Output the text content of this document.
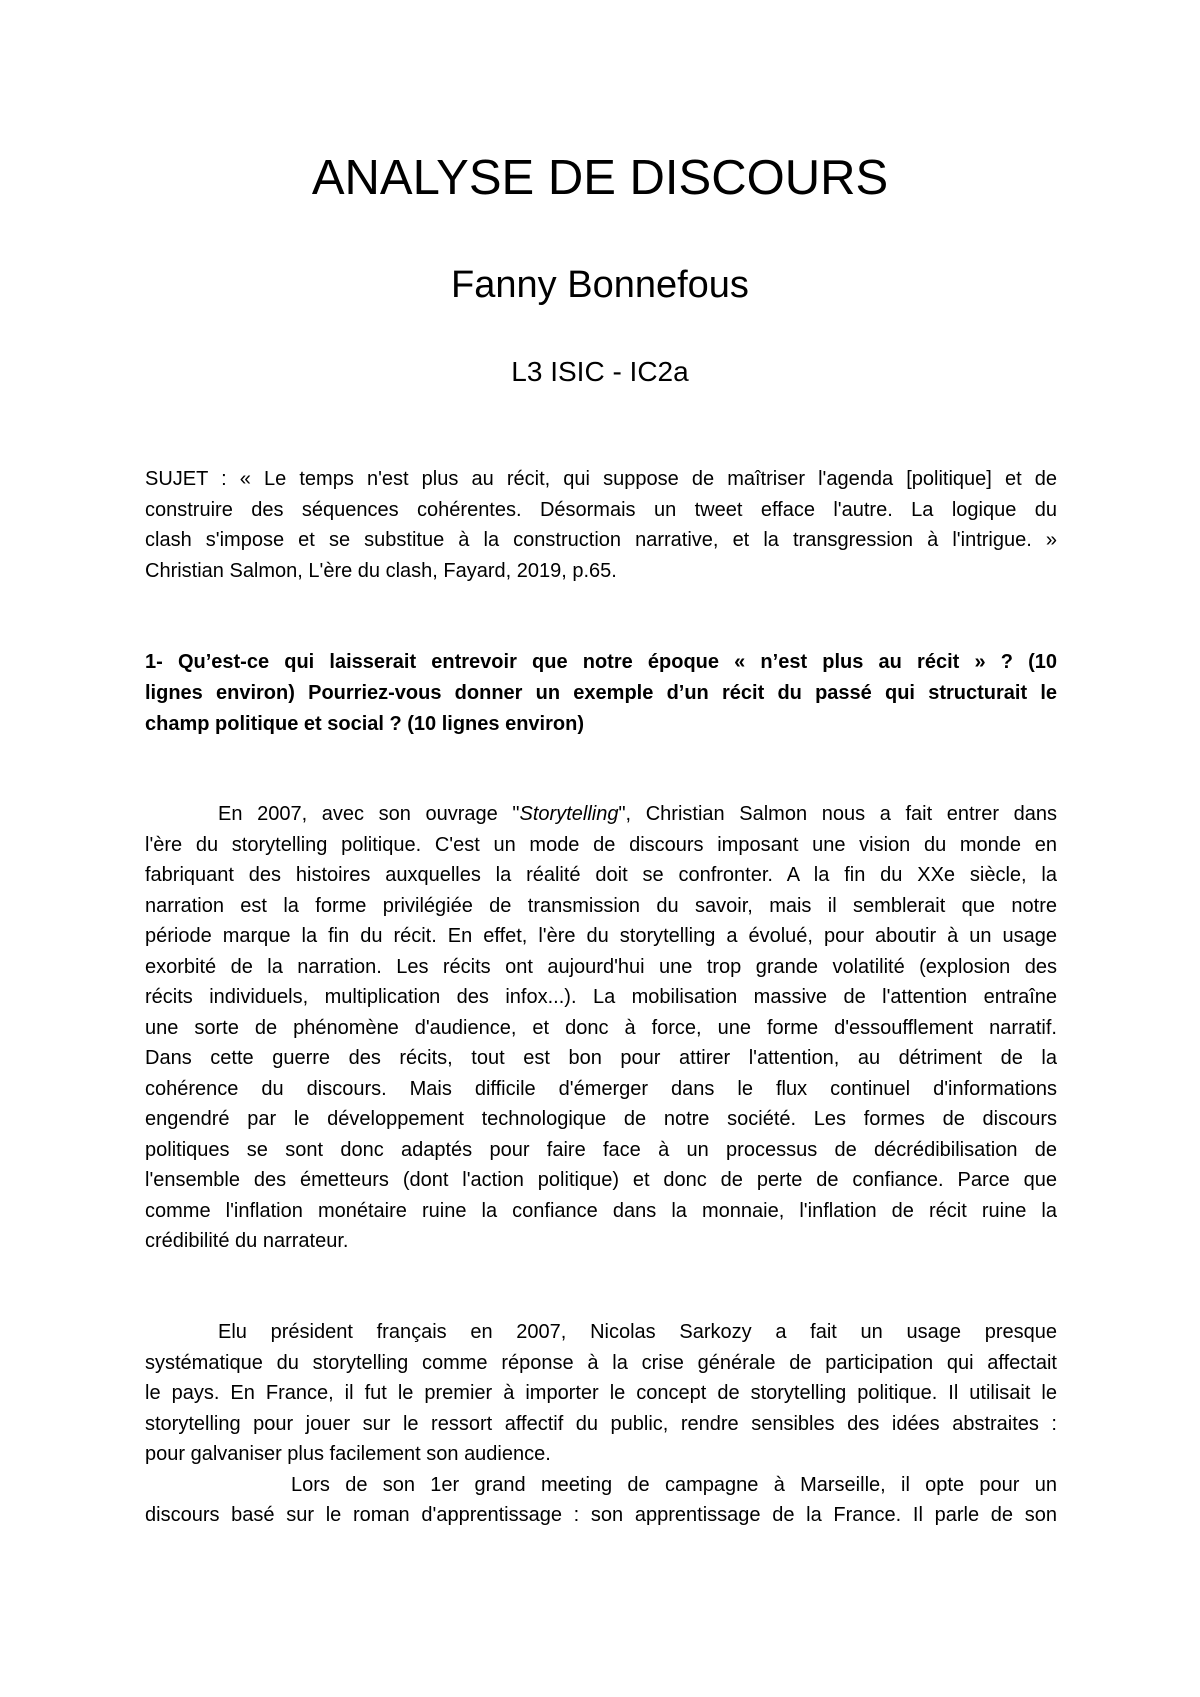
ANALYSE DE DISCOURS
Fanny Bonnefous
L3 ISIC - IC2a
SUJET : « Le temps n'est plus au récit, qui suppose de maîtriser l'agenda [politique] et de
construire des séquences cohérentes. Désormais un tweet efface l'autre. La logique du
clash s'impose et se substitue à la construction narrative, et la transgression à l'intrigue. »
Christian Salmon, L'ère du clash, Fayard, 2019, p.65.
1- Qu’est-ce qui laisserait entrevoir que notre époque « n’est plus au récit » ? (10
lignes environ) Pourriez-vous donner un exemple d’un récit du passé qui structurait le
champ politique et social ? (10 lignes environ)
En 2007, avec son ouvrage "Storytelling", Christian Salmon nous a fait entrer dans
l'ère du storytelling politique. C'est un mode de discours imposant une vision du monde en
fabriquant des histoires auxquelles la réalité doit se confronter. A la fin du XXe siècle, la
narration est la forme privilégiée de transmission du savoir, mais il semblerait que notre
période marque la fin du récit. En effet, l'ère du storytelling a évolué, pour aboutir à un usage
exorbité de la narration. Les récits ont aujourd'hui une trop grande volatilité (explosion des
récits individuels, multiplication des infox...). La mobilisation massive de l'attention entraîne
une sorte de phénomène d'audience, et donc à force, une forme d'essoufflement narratif.
Dans cette guerre des récits, tout est bon pour attirer l'attention, au détriment de la
cohérence du discours. Mais difficile d'émerger dans le flux continuel d'informations
engendré par le développement technologique de notre société. Les formes de discours
politiques se sont donc adaptés pour faire face à un processus de décrédibilisation de
l'ensemble des émetteurs (dont l'action politique) et donc de perte de confiance. Parce que
comme l'inflation monétaire ruine la confiance dans la monnaie, l'inflation de récit ruine la
crédibilité du narrateur.
Elu président français en 2007, Nicolas Sarkozy a fait un usage presque
systématique du storytelling comme réponse à la crise générale de participation qui affectait
le pays. En France, il fut le premier à importer le concept de storytelling politique. Il utilisait le
storytelling pour jouer sur le ressort affectif du public, rendre sensibles des idées abstraites :
pour galvaniser plus facilement son audience.
Lors de son 1er grand meeting de campagne à Marseille, il opte pour un
discours basé sur le roman d'apprentissage : son apprentissage de la France. Il parle de son
